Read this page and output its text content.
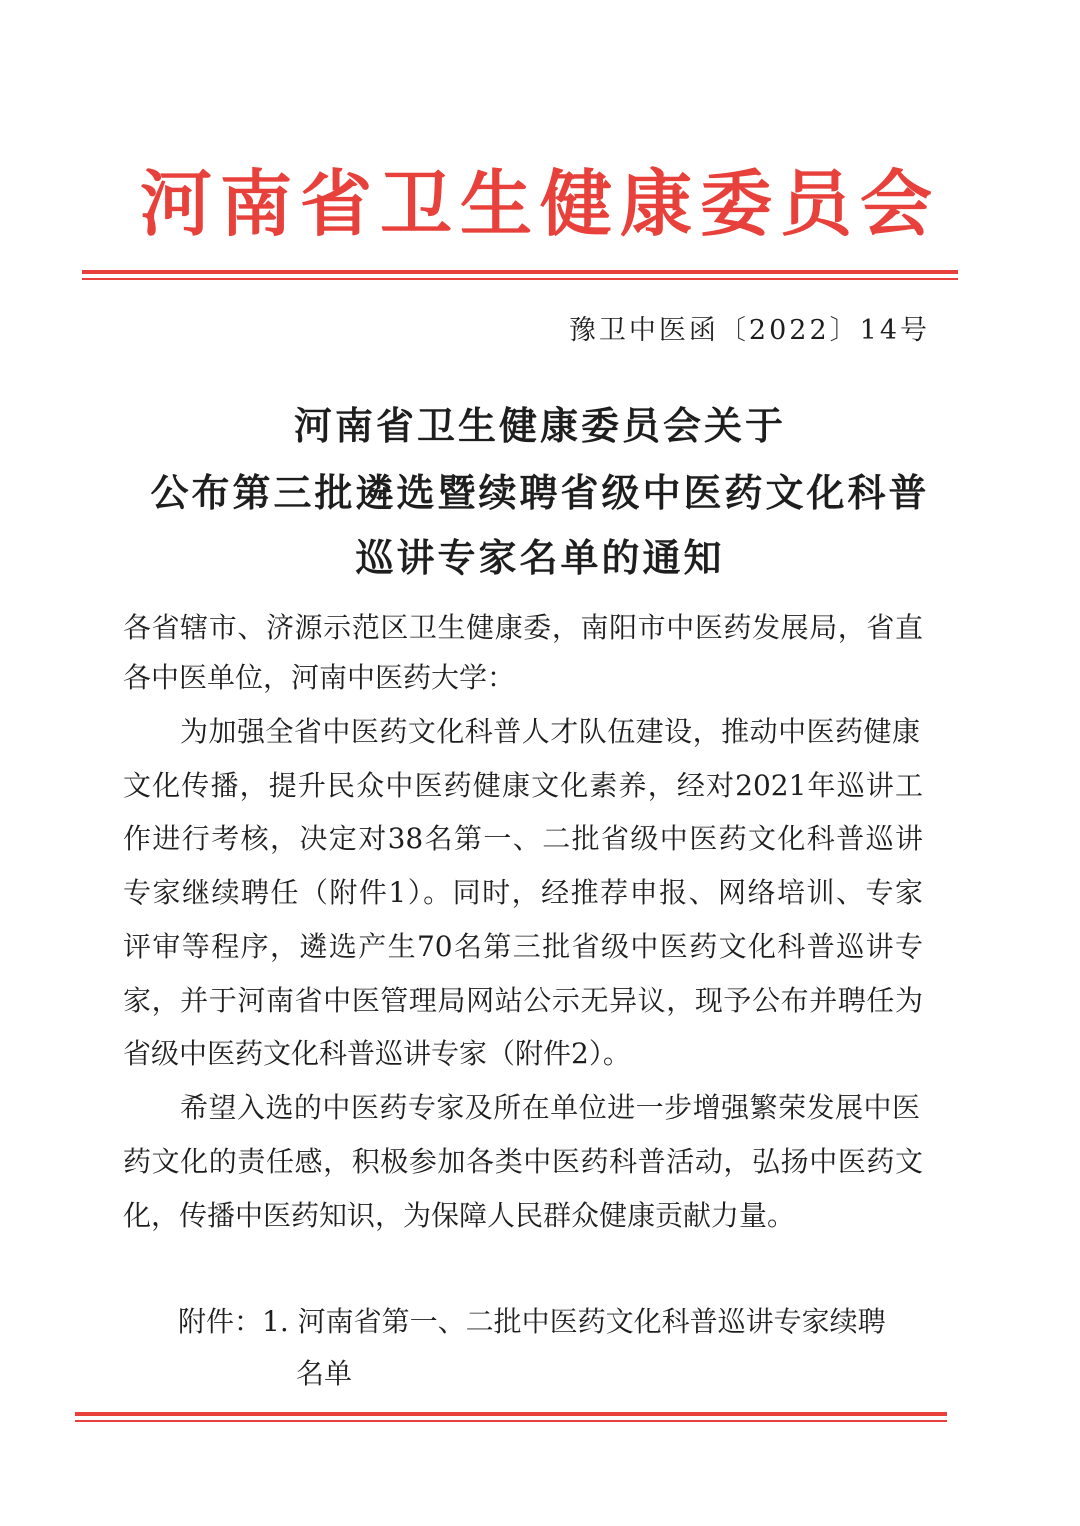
河南省卫生健康委员会
豫卫中医函〔2022〕14号
河南省卫生健康委员会关于
公布第三批遴选暨续聘省级中医药文化科普
巡讲专家名单的通知
各省辖市、济源示范区卫生健康委，南阳市中医药发展局，省直
各中医单位，河南中医药大学：
为加强全省中医药文化科普人才队伍建设，推动中医药健康
文化传播，提升民众中医药健康文化素养，经对2021年巡讲工
作进行考核，决定对38名第一、二批省级中医药文化科普巡讲
专家继续聘任（附件1）。同时，经推荐申报、网络培训、专家
评审等程序，遴选产生70名第三批省级中医药文化科普巡讲专
家，并于河南省中医管理局网站公示无异议，现予公布并聘任为
省级中医药文化科普巡讲专家（附件2）。
希望入选的中医药专家及所在单位进一步增强繁荣发展中医
药文化的责任感，积极参加各类中医药科普活动，弘扬中医药文
化，传播中医药知识，为保障人民群众健康贡献力量。
附件： 1. 河南省第一、二批中医药文化科普巡讲专家续聘
名单
